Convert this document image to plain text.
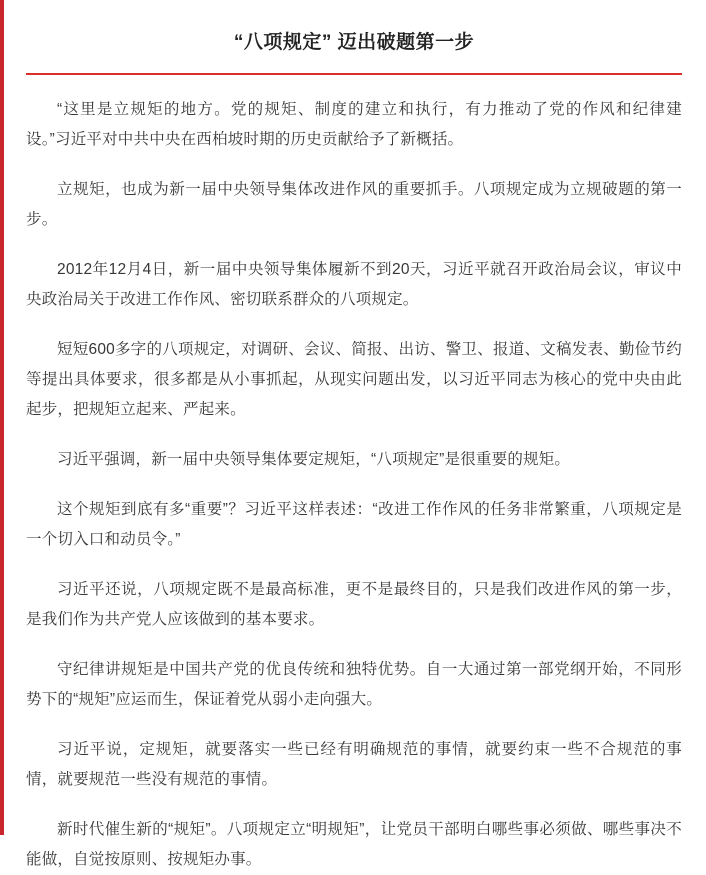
“八项规定” 迈出破题第一步

“这里是立规矩的地方。党的规矩、制度的建立和执行，有力推动了党的作风和纪律建设。”习近平对中共中央在西柏坡时期的历史贡献给予了新概括。

立规矩，也成为新一届中央领导集体改进作风的重要抓手。八项规定成为立规破题的第一步。

2012年12月4日，新一届中央领导集体履新不到20天，习近平就召开政治局会议，审议中央政治局关于改进工作作风、密切联系群众的八项规定。

短短600多字的八项规定，对调研、会议、简报、出访、警卫、报道、文稿发表、勤俭节约等提出具体要求，很多都是从小事抓起，从现实问题出发，以习近平同志为核心的党中央由此起步，把规矩立起来、严起来。

习近平强调，新一届中央领导集体要定规矩，“八项规定”是很重要的规矩。

这个规矩到底有多“重要”？习近平这样表述：“改进工作作风的任务非常繁重，八项规定是一个切入口和动员令。”

习近平还说，八项规定既不是最高标准，更不是最终目的，只是我们改进作风的第一步，是我们作为共产党人应该做到的基本要求。

守纪律讲规矩是中国共产党的优良传统和独特优势。自一大通过第一部党纲开始，不同形势下的“规矩”应运而生，保证着党从弱小走向强大。

习近平说，定规矩，就要落实一些已经有明确规范的事情，就要约束一些不合规范的事情，就要规范一些没有规范的事情。

新时代催生新的“规矩”。八项规定立“明规矩”，让党员干部明白哪些事必须做、哪些事决不能做，自觉按原则、按规矩办事。
